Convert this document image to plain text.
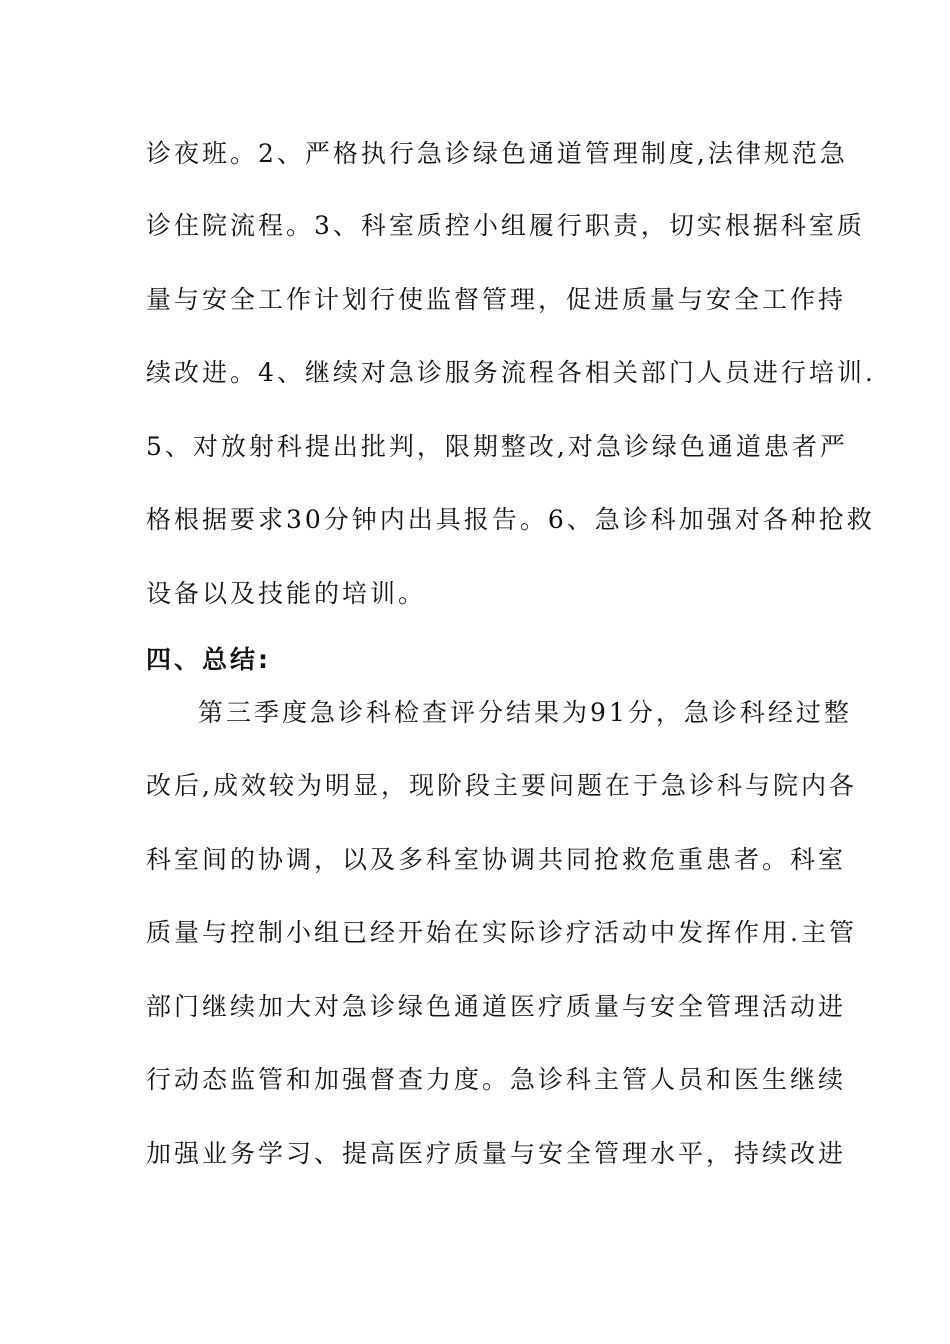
诊夜班。2、严格执行急诊绿色通道管理制度,法律规范急
诊住院流程。3、科室质控小组履行职责，切实根据科室质
量与安全工作计划行使监督管理，促进质量与安全工作持
续改进。4、继续对急诊服务流程各相关部门人员进行培训.
5、对放射科提出批判，限期整改,对急诊绿色通道患者严
格根据要求30分钟内出具报告。6、急诊科加强对各种抢救
设备以及技能的培训。
四、总结:
第三季度急诊科检查评分结果为91分，急诊科经过整
改后,成效较为明显，现阶段主要问题在于急诊科与院内各
科室间的协调，以及多科室协调共同抢救危重患者。科室
质量与控制小组已经开始在实际诊疗活动中发挥作用.主管
部门继续加大对急诊绿色通道医疗质量与安全管理活动进
行动态监管和加强督查力度。急诊科主管人员和医生继续
加强业务学习、提高医疗质量与安全管理水平，持续改进
